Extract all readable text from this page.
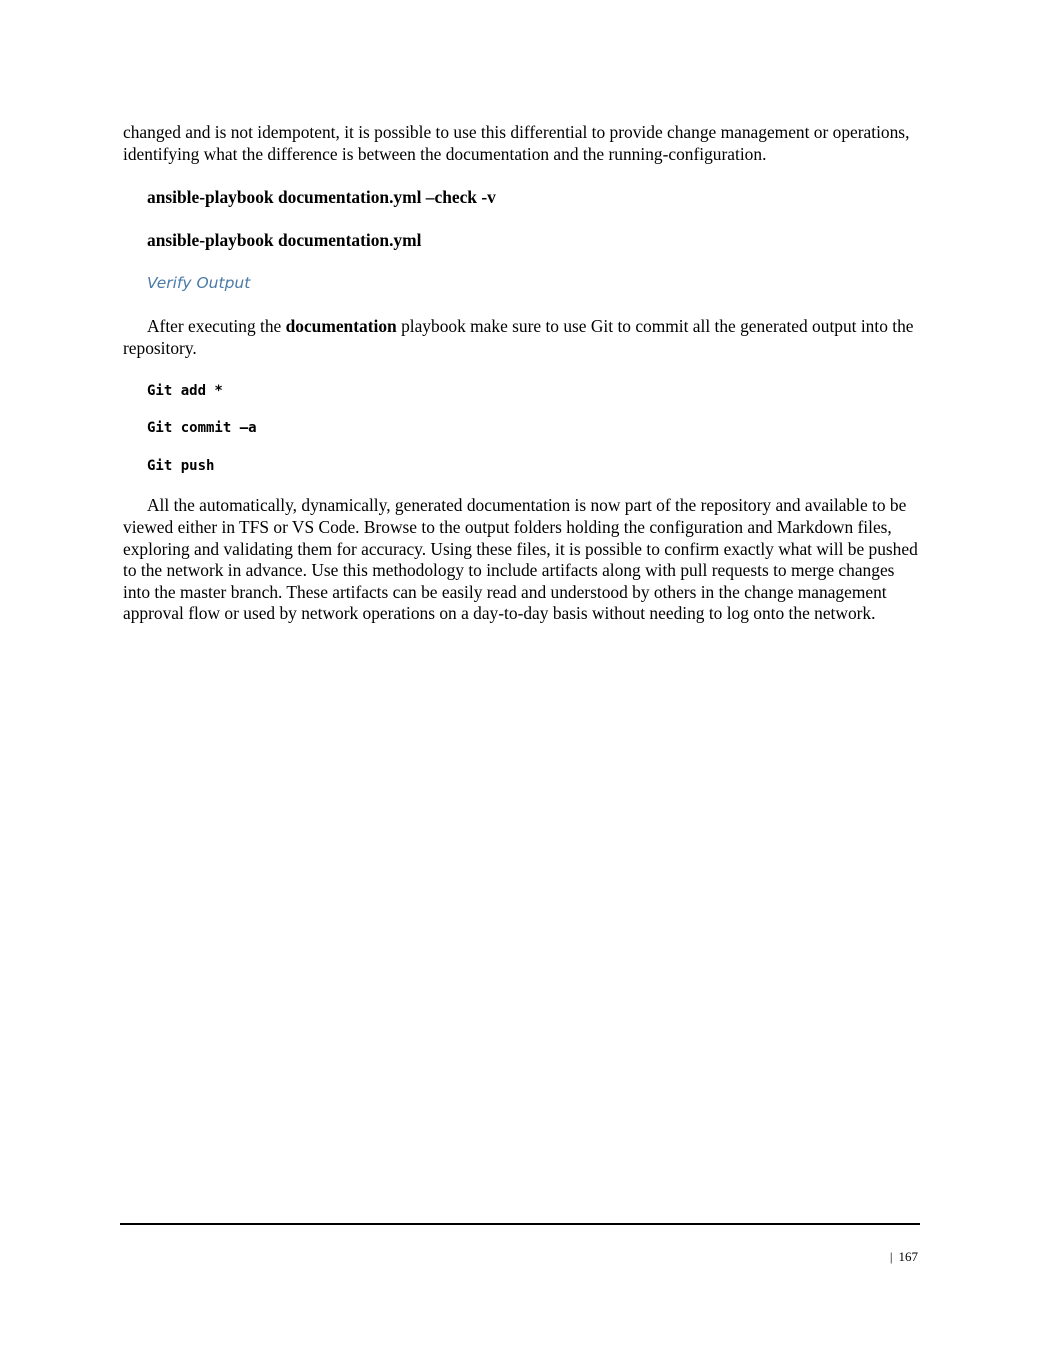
changed and is not idempotent, it is possible to use this differential to provide change management or operations, identifying what the difference is between the documentation and the running-configuration.

ansible-playbook documentation.yml –check -v

ansible-playbook documentation.yml

Verify Output

After executing the documentation playbook make sure to use Git to commit all the generated output into the repository.

Git add *

Git commit –a

Git push

All the automatically, dynamically, generated documentation is now part of the repository and available to be viewed either in TFS or VS Code. Browse to the output folders holding the configuration and Markdown files, exploring and validating them for accuracy. Using these files, it is possible to confirm exactly what will be pushed to the network in advance. Use this methodology to include artifacts along with pull requests to merge changes into the master branch. These artifacts can be easily read and understood by others in the change management approval flow or used by network operations on a day-to-day basis without needing to log onto the network.

| 167
